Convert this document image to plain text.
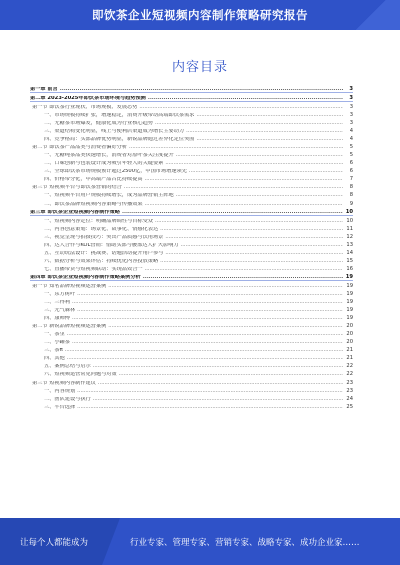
即饮茶企业短视频内容制作策略研究报告
内容目录
第一章 前言 .....	3
第二章 2023-2025年即饮茶市场环境与趋势预测 .....	3
第一节 即饮茶行业现状、市场规模、发展态势 .....	3
一、市场规模持续扩张，增速稳定，消费升级带动高端即饮茶需求 .....	3
二、无糖茶市场爆发，健康化成为行业核心趋势 .....	3
三、渠道结构变化明显，线上与便利店渠道成为增长主要动力 .....	4
四、竞争格局：头部品牌优势明显，新锐品牌通过差异化定位突围 .....	4
第二节 即饮茶产品品类与消费者偏好分析 .....	5
一、无糖纯茶品类快速增长，消费者对原叶茶关注度提升 .....	5
二、口味创新与包装设计成为吸引年轻人的关键要素 .....	6
三、全球即饮茶市场规模预计超过2500亿，中国市场增速领先 .....	6
四、价格带分化，中高端产品占比持续提高 .....	7
第三节 短视频平台与即饮茶营销的结合 .....	8
一、短视频平台用户规模持续增长，成为品牌营销主阵地 .....	8
二、即饮茶品牌短视频内容策略与传播效果 .....	9
第三章 即饮茶企业短视频内容制作策略 .....	10
一、短视频内容定位：明确品牌调性与目标受众 .....	10
二、内容创意策划：场景化、故事化、情感化表达 .....	11
三、视觉呈现与拍摄技巧：突出产品质感与饮用场景 .....	12
四、达人合作与KOL营销：借助头部与腰部达人扩大影响力 .....	13
五、互动玩法设计：挑战赛、话题活动提升用户参与 .....	14
六、数据分析与效果评估：持续优化内容投放策略 .....	15
七、直播带货与短视频联动：实现品效合一 .....	16
第四章 即饮茶企业短视频内容制作策略案例分析 .....	19
第一节 知名品牌短视频运营案例 .....	19
一、东方树叶 .....	19
二、三得利 .....	19
三、元气森林 .....	19
四、康师傅 .....	19
第二节 新锐品牌短视频运营案例 .....	20
一、茶里 .....	20
二、小罐茶 .....	20
三、茶π .....	21
四、其他 .....	21
五、案例总结与启示 .....	22
六、短视频运营常见问题与对策 .....	22
第三节 短视频内容制作建议 .....	23
一、内容规划 .....	23
二、团队建设与执行 .....	24
三、平台选择 .....	25
让每个人都能成为	行业专家、管理专家、营销专家、战略专家、成功企业家……
